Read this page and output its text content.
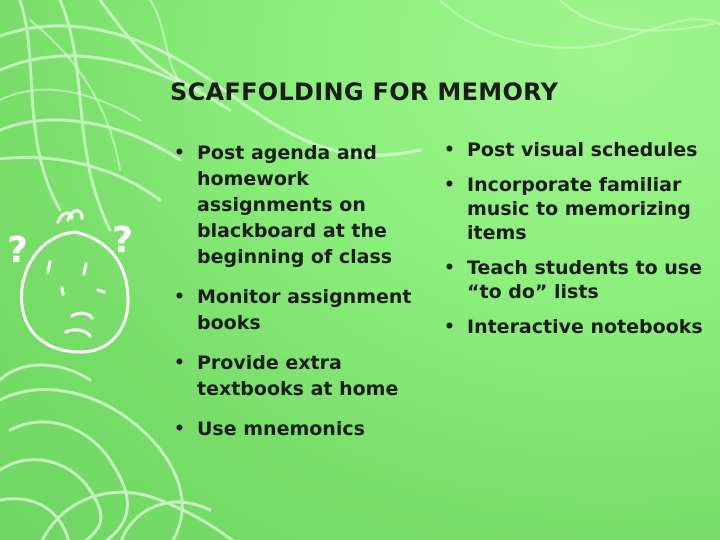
? ?
SCAFFOLDING FOR MEMORY
• Post agenda and homework assignments on blackboard at the beginning of class
• Monitor assignment books
• Provide extra textbooks at home
• Use mnemonics
• Post visual schedules
• Incorporate familiar music to memorizing items
• Teach students to use “to do” lists
• Interactive notebooks
